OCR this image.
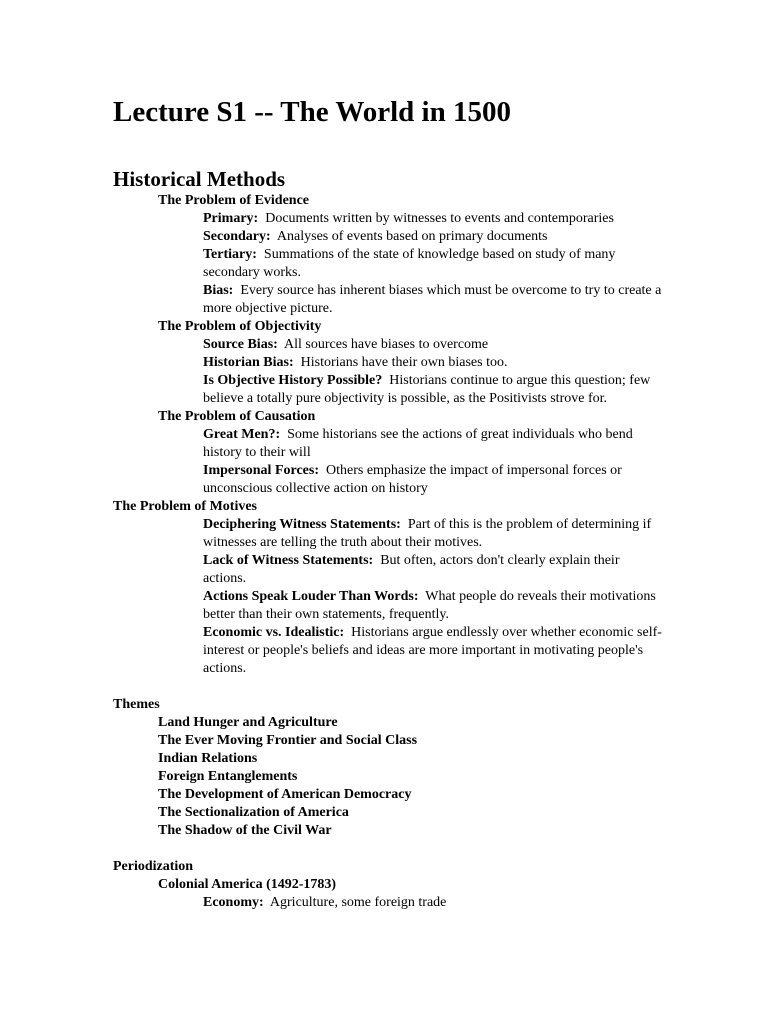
Lecture S1 -- The World in 1500
Historical Methods
The Problem of Evidence
Primary: Documents written by witnesses to events and contemporaries
Secondary: Analyses of events based on primary documents
Tertiary: Summations of the state of knowledge based on study of many secondary works.
Bias: Every source has inherent biases which must be overcome to try to create a more objective picture.
The Problem of Objectivity
Source Bias: All sources have biases to overcome
Historian Bias: Historians have their own biases too.
Is Objective History Possible? Historians continue to argue this question; few believe a totally pure objectivity is possible, as the Positivists strove for.
The Problem of Causation
Great Men?: Some historians see the actions of great individuals who bend history to their will
Impersonal Forces: Others emphasize the impact of impersonal forces or unconscious collective action on history
The Problem of Motives
Deciphering Witness Statements: Part of this is the problem of determining if witnesses are telling the truth about their motives.
Lack of Witness Statements: But often, actors don't clearly explain their actions.
Actions Speak Louder Than Words: What people do reveals their motivations better than their own statements, frequently.
Economic vs. Idealistic: Historians argue endlessly over whether economic self-interest or people's beliefs and ideas are more important in motivating people's actions.
Themes
Land Hunger and Agriculture
The Ever Moving Frontier and Social Class
Indian Relations
Foreign Entanglements
The Development of American Democracy
The Sectionalization of America
The Shadow of the Civil War
Periodization
Colonial America (1492-1783)
Economy: Agriculture, some foreign trade
